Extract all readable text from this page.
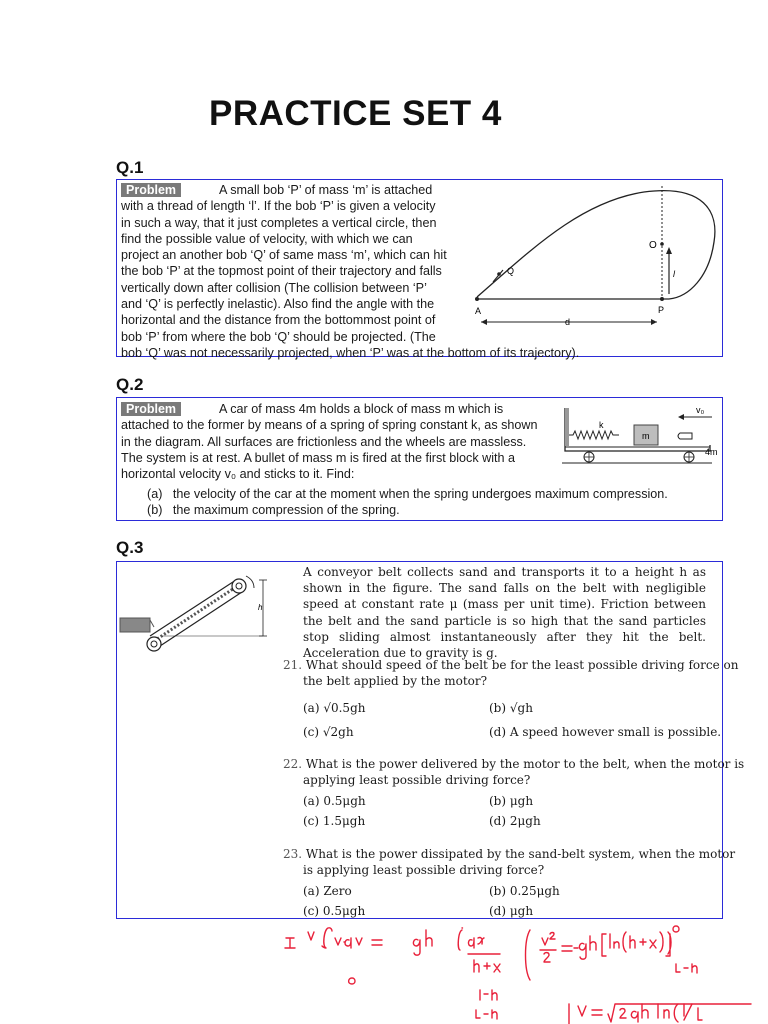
PRACTICE SET 4
Q.1
Problem	A small bob ‘P’ of mass ‘m’ is attached
with a thread of length ‘l’. If the bob ‘P’ is given a velocity
in such a way, that it just completes a vertical circle, then
find the possible value of velocity, with which we can
project an another bob ‘Q’ of same mass ‘m’, which can hit
the bob ‘P’ at the topmost point of their trajectory and falls
vertically down after collision (The collision between ‘P’
and ‘Q’ is perfectly inelastic). Also find the angle with the
horizontal and the distance from the bottommost point of
bob ‘P’ from where the bob ‘Q’ should be projected. (The
bob ‘Q’ was not necessarily projected, when ‘P’ was at the bottom of its trajectory).
O
Q
A	P
d
l
Q.2
Problem	A car of mass 4m holds a block of mass m which is
attached to the former by means of a spring of spring constant k, as shown
in the diagram. All surfaces are frictionless and the wheels are massless.
The system is at rest. A bullet of mass m is fired at the first block with a
horizontal velocity v₀ and sticks to it. Find:
(a) the velocity of the car at the moment when the spring undergoes maximum compression.
(b) the maximum compression of the spring.
k
m
v₀
4m
Q.3
h
A conveyor belt collects sand and transports it to a height h as shown in the figure. The sand falls on the belt with negligible speed at constant rate μ (mass per unit time). Friction between the belt and the sand particle is so high that the sand particles stop sliding almost instantaneously after they hit the belt. Acceleration due to gravity is g.
21. What should speed of the belt be for the least possible driving force on
the belt applied by the motor?
(a) √0.5gh	(b) √gh
(c) √2gh	(d) A speed however small is possible.
22. What is the power delivered by the motor to the belt, when the motor is
applying least possible driving force?
(a) 0.5μgh	(b) μgh
(c) 1.5μgh	(d) 2μgh
23. What is the power dissipated by the sand-belt system, when the motor
is applying least possible driving force?
(a) Zero	(b) 0.25μgh
(c) 0.5μgh	(d) μgh
